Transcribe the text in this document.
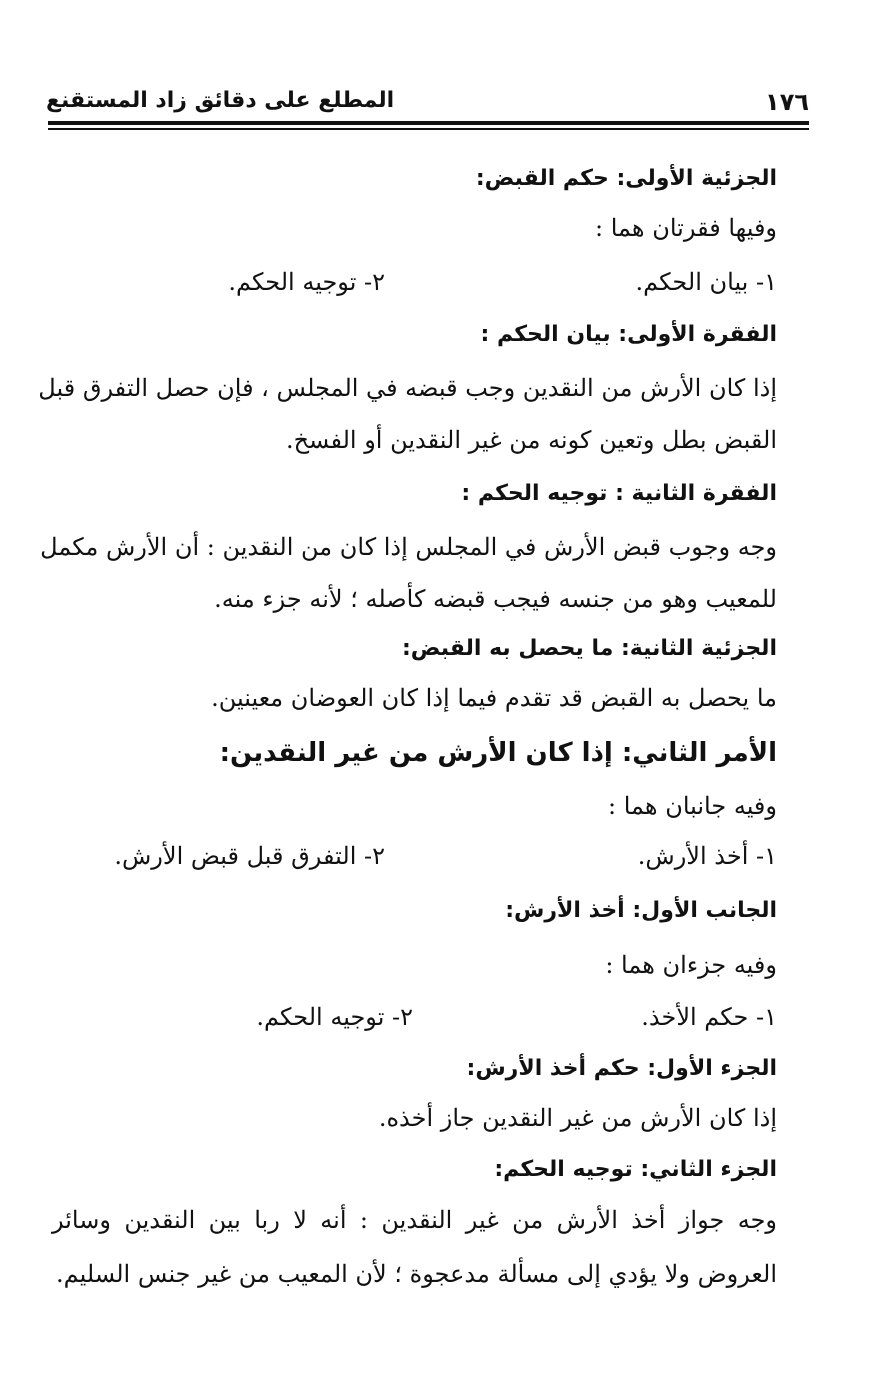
١٧٦
المطلع على دقائق زاد المستقنع
الجزئية الأولى: حكم القبض:
وفيها فقرتان هما :
١- بيان الحكم.
٢- توجيه الحكم.
الفقرة الأولى: بيان الحكم :
إذا كان الأرش من النقدين وجب قبضه في المجلس ، فإن حصل التفرق قبل
القبض بطل وتعين كونه من غير النقدين أو الفسخ.
الفقرة الثانية : توجيه الحكم :
وجه وجوب قبض الأرش في المجلس إذا كان من النقدين : أن الأرش مكمل
للمعيب وهو من جنسه فيجب قبضه كأصله ؛ لأنه جزء منه.
الجزئية الثانية: ما يحصل به القبض:
ما يحصل به القبض قد تقدم فيما إذا كان العوضان معينين.
الأمر الثاني: إذا كان الأرش من غير النقدين:
وفيه جانبان هما :
١- أخذ الأرش.
٢- التفرق قبل قبض الأرش.
الجانب الأول: أخذ الأرش:
وفيه جزءان هما :
١- حكم الأخذ.
٢- توجيه الحكم.
الجزء الأول: حكم أخذ الأرش:
إذا كان الأرش من غير النقدين جاز أخذه.
الجزء الثاني: توجيه الحكم:
وجه جواز أخذ الأرش من غير النقدين : أنه لا ربا بين النقدين وسائر
العروض ولا يؤدي إلى مسألة مدعجوة ؛ لأن المعيب من غير جنس السليم.
